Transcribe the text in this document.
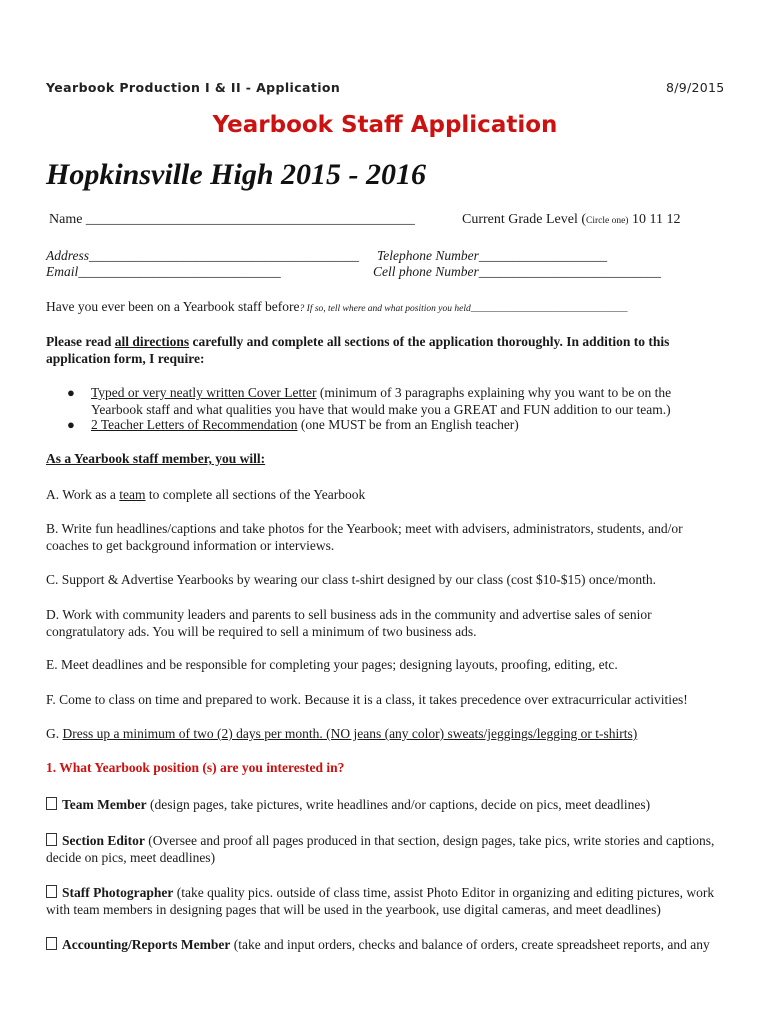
Yearbook Production I & II - Application	8/9/2015
Yearbook Staff Application
Hopkinsville High 2015 - 2016
Name _______________________________________________	Current Grade Level (Circle one) 10 11 12
Address________________________________________ Telephone Number___________________
Email______________________________	Cell phone Number___________________________
Have you ever been on a Yearbook staff before? If so, tell where and what position you held_________________________________
Please read all directions carefully and complete all sections of the application thoroughly. In addition to this application form, I require:
● Typed or very neatly written Cover Letter (minimum of 3 paragraphs explaining why you want to be on the Yearbook staff and what qualities you have that would make you a GREAT and FUN addition to our team.)
● 2 Teacher Letters of Recommendation (one MUST be from an English teacher)
As a Yearbook staff member, you will:
A. Work as a team to complete all sections of the Yearbook
B. Write fun headlines/captions and take photos for the Yearbook; meet with advisers, administrators, students, and/or coaches to get background information or interviews.
C. Support & Advertise Yearbooks by wearing our class t-shirt designed by our class (cost $10-$15) once/month.
D. Work with community leaders and parents to sell business ads in the community and advertise sales of senior congratulatory ads. You will be required to sell a minimum of two business ads.
E. Meet deadlines and be responsible for completing your pages; designing layouts, proofing, editing, etc.
F. Come to class on time and prepared to work. Because it is a class, it takes precedence over extracurricular activities!
G. Dress up a minimum of two (2) days per month. (NO jeans (any color) sweats/jeggings/legging or t-shirts)
1. What Yearbook position (s) are you interested in?
Team Member (design pages, take pictures, write headlines and/or captions, decide on pics, meet deadlines)
Section Editor (Oversee and proof all pages produced in that section, design pages, take pics, write stories and captions, decide on pics, meet deadlines)
Staff Photographer (take quality pics. outside of class time, assist Photo Editor in organizing and editing pictures, work with team members in designing pages that will be used in the yearbook, use digital cameras, and meet deadlines)
Accounting/Reports Member (take and input orders, checks and balance of orders, create spreadsheet reports, and any
